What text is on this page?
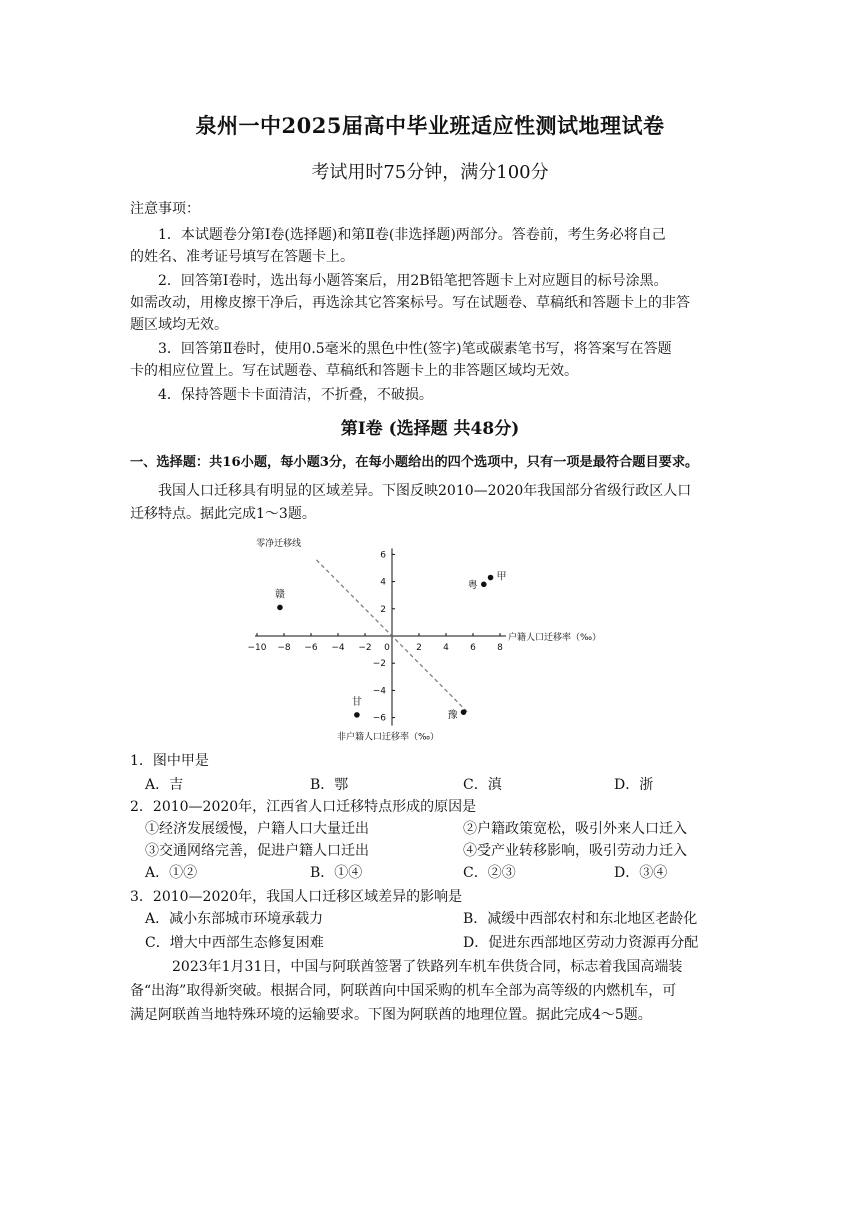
泉州一中2025届高中毕业班适应性测试地理试卷
考试用时75分钟，满分100分
注意事项：
1．本试题卷分第Ⅰ卷(选择题)和第Ⅱ卷(非选择题)两部分。答卷前，考生务必将自己
的姓名、准考证号填写在答题卡上。
2．回答第Ⅰ卷时，选出每小题答案后，用2B铅笔把答题卡上对应题目的标号涂黑。
如需改动，用橡皮擦干净后，再选涂其它答案标号。写在试题卷、草稿纸和答题卡上的非答
题区域均无效。
3．回答第Ⅱ卷时，使用0.5毫米的黑色中性(签字)笔或碳素笔书写，将答案写在答题
卡的相应位置上。写在试题卷、草稿纸和答题卡上的非答题区域均无效。
4．保持答题卡卡面清洁，不折叠，不破损。
第Ⅰ卷 (选择题 共48分)
一、选择题：共16小题，每小题3分，在每小题给出的四个选项中，只有一项是最符合题目要求。
我国人口迁移具有明显的区域差异。下图反映2010—2020年我国部分省级行政区人口
迁移特点。据此完成1～3题。
−10 −8 −6 −4 −2 0	2 4 6 8
6
4
2
−2
−4
−6
零净迁移线
户籍人口迁移率（‰）
非户籍人口迁移率（‰）
赣
粤
甲
甘
豫
1．图中甲是
A．吉	B．鄂	C．滇	D．浙
2．2010—2020年，江西省人口迁移特点形成的原因是
①经济发展缓慢，户籍人口大量迁出	②户籍政策宽松，吸引外来人口迁入
③交通网络完善，促进户籍人口迁出	④受产业转移影响，吸引劳动力迁入
A．①②	B．①④	C．②③	D．③④
3．2010—2020年，我国人口迁移区域差异的影响是
A．减小东部城市环境承载力	B．减缓中西部农村和东北地区老龄化
C．增大中西部生态修复困难	D．促进东西部地区劳动力资源再分配
2023年1月31日，中国与阿联酋签署了铁路列车机车供货合同，标志着我国高端装
备“出海”取得新突破。根据合同，阿联酋向中国采购的机车全部为高等级的内燃机车，可
满足阿联酋当地特殊环境的运输要求。下图为阿联酋的地理位置。据此完成4～5题。
